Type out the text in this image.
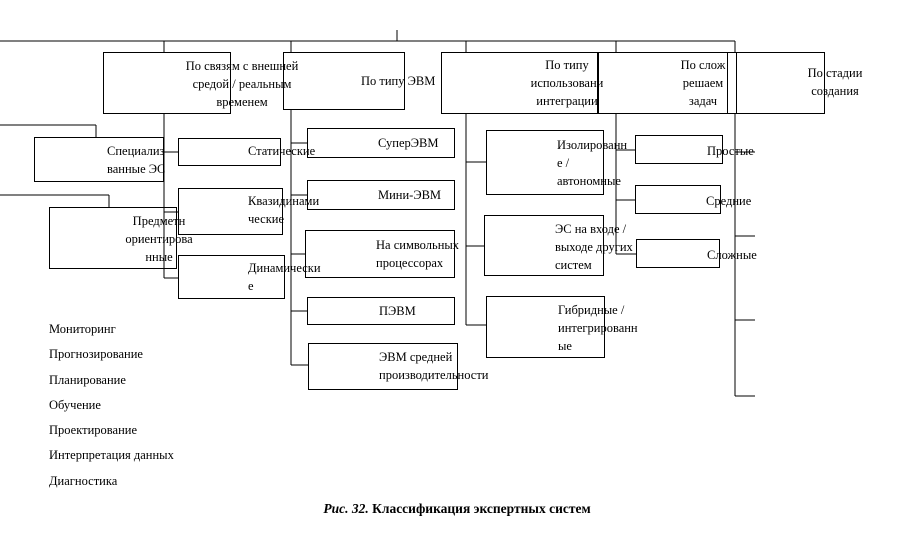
По связям с внешней
средой / реальным
временем
По типу ЭВМ
По типу
использовани
интеграции
По слож
решаем
задач
По стадии
создания
Специализ
ванные ЭС
Предметн
ориентирова
нные
Статические
Квазидинами
ческие
Динамически
е
СуперЭВМ
Мини-ЭВМ
На символьных
процессорах
ПЭВМ
ЭВМ средней
производительности
Изолированн
е /
автономные
ЭС на входе /
выходе других
систем
Гибридные /
интегрированн
ые
Простые
Средние
Сложные
Мониторинг
Прогнозирование
Планирование
Обучение
Проектирование
Интерпретация данных
Диагностика
Рис. 32. Классификация экспертных систем
